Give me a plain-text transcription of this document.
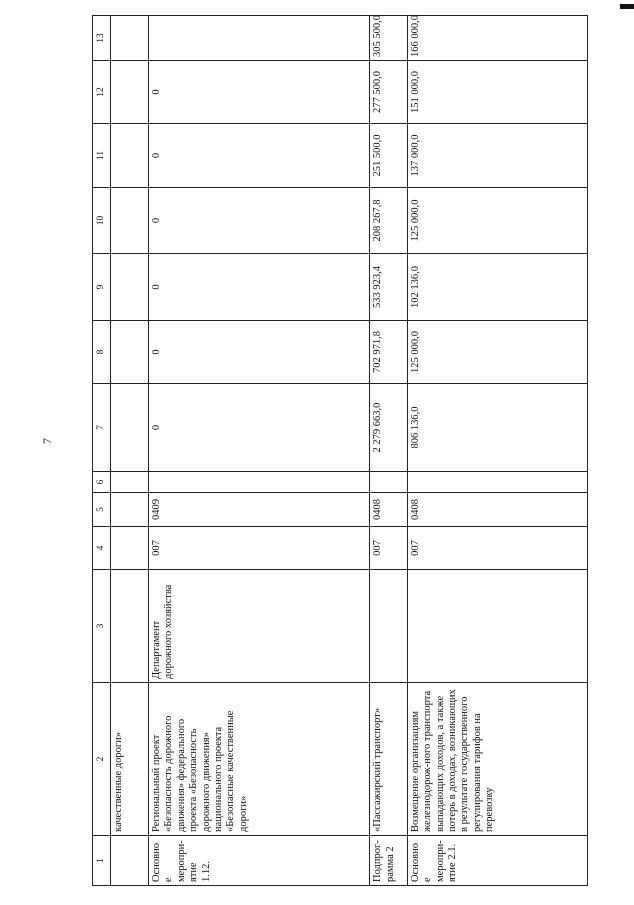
7
1	2	3	4	5	6	7	8	9	10	11	12	13
	качественные дороги»											
Основное меропри-ятие 1.12.	Региональный проект «Безопасность дорожного движения» федерального проекта «Безопасность дорожного движения» национального проекта «Безопасные качественные дороги»	Департамент дорожного хозяйства	007	0409		0	0	0	0	0	0	
Подпрог-рамма 2	«Пассажирский транспорт»		007	0408		2 279 663,0	702 971,8	533 923,4	208 267,8	251 500,0	277 500,0	305 500,0
Основное меропри-ятие 2.1.	Возмещение организациям железнодорож-ного транспорта выпадающих доходов, а также потерь в доходах, возникающих в результате государственного регулирования тарифов на перевозку		007	0408		806 136,0	125 000,0	102 136,0	125 000,0	137 000,0	151 000,0	166 000,0
